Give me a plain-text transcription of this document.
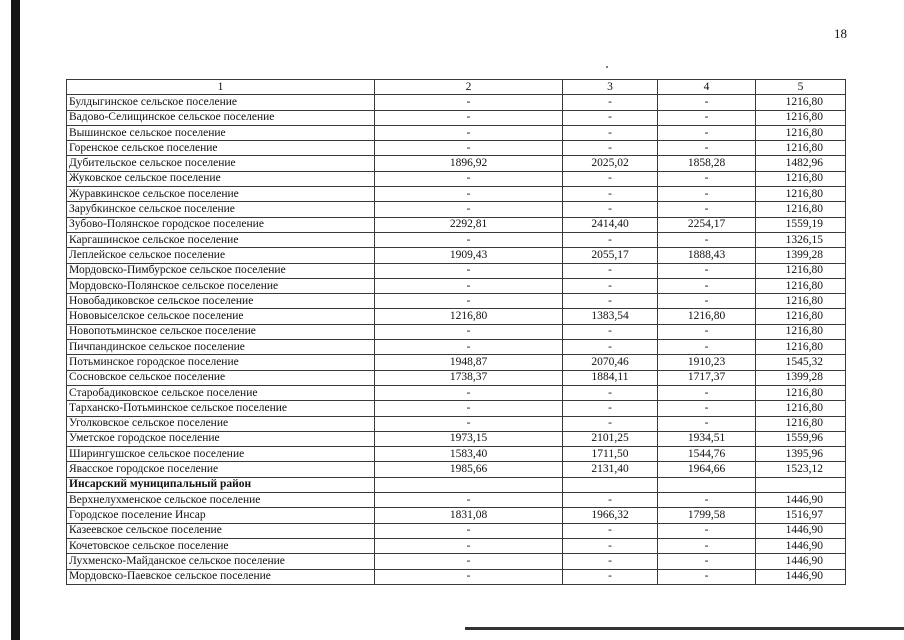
18
1	2	3	4	5
Булдыгинское сельское поселение	-	-	-	1216,80
Вадово-Селищинское сельское поселение	-	-	-	1216,80
Вышинское сельское поселение	-	-	-	1216,80
Горенское сельское поселение	-	-	-	1216,80
Дубительское сельское поселение	1896,92	2025,02	1858,28	1482,96
Жуковское сельское поселение	-	-	-	1216,80
Журавкинское сельское поселение	-	-	-	1216,80
Зарубкинское сельское поселение	-	-	-	1216,80
Зубово-Полянское городское поселение	2292,81	2414,40	2254,17	1559,19
Каргашинское сельское поселение	-	-	-	1326,15
Леплейское сельское поселение	1909,43	2055,17	1888,43	1399,28
Мордовско-Пимбурское сельское поселение	-	-	-	1216,80
Мордовско-Полянское сельское поселение	-	-	-	1216,80
Новобадиковское сельское поселение	-	-	-	1216,80
Нововыселское сельское поселение	1216,80	1383,54	1216,80	1216,80
Новопотьминское сельское поселение	-	-	-	1216,80
Пичпандинское сельское поселение	-	-	-	1216,80
Потьминское городское поселение	1948,87	2070,46	1910,23	1545,32
Сосновское сельское поселение	1738,37	1884,11	1717,37	1399,28
Старобадиковское сельское поселение	-	-	-	1216,80
Тарханско-Потьминское сельское поселение	-	-	-	1216,80
Уголковское сельское поселение	-	-	-	1216,80
Уметское городское поселение	1973,15	2101,25	1934,51	1559,96
Ширингушское сельское поселение	1583,40	1711,50	1544,76	1395,96
Явасское городское поселение	1985,66	2131,40	1964,66	1523,12
Инсарский муниципальный район				
Верхнелухменское сельское поселение	-	-	-	1446,90
Городское поселение Инсар	1831,08	1966,32	1799,58	1516,97
Казеевское сельское поселение	-	-	-	1446,90
Кочетовское сельское поселение	-	-	-	1446,90
Лухменско-Майданское сельское поселение	-	-	-	1446,90
Мордовско-Паевское сельское поселение	-	-	-	1446,90
